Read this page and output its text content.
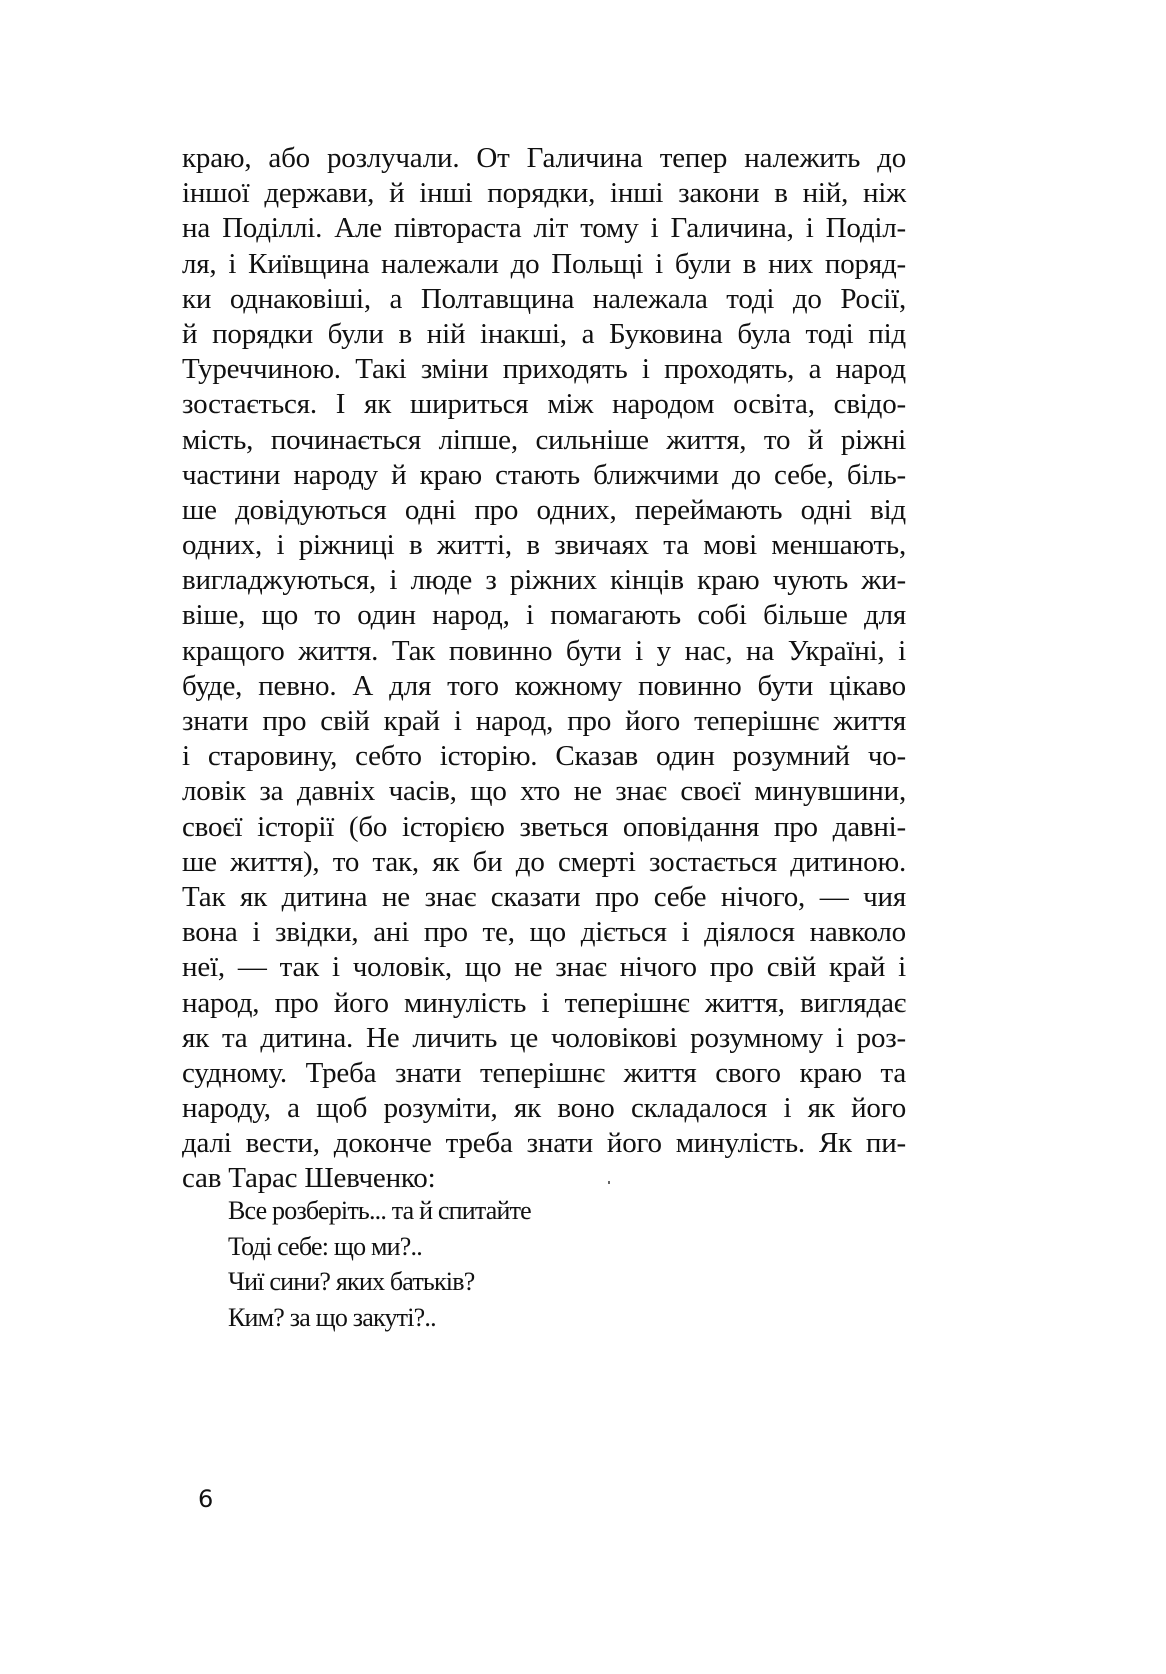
краю, або розлучали. От Галичина тепер належить до
іншої держави, й інші порядки, інші закони в ній, ніж
на Поділлі. Але півтораста літ тому і Галичина, і Поділ-
ля, і Київщина належали до Польщі і були в них поряд-
ки однаковіші, а Полтавщина належала тоді до Росії,
й порядки були в ній інакші, а Буковина була тоді під
Туреччиною. Такі зміни приходять і проходять, а народ
зостається. І як шириться між народом освіта, свідо-
мість, починається ліпше, сильніше життя, то й ріжні
частини народу й краю стають ближчими до себе, біль-
ше довідуються одні про одних, переймають одні від
одних, і ріжниці в житті, в звичаях та мові меншають,
вигладжуються, і люде з ріжних кінців краю чують жи-
віше, що то один народ, і помагають собі більше для
кращого життя. Так повинно бути і у нас, на Україні, і
буде, певно. А для того кожному повинно бути цікаво
знати про свій край і народ, про його теперішнє життя
і старовину, себто історію. Сказав один розумний чо-
ловік за давніх часів, що хто не знає своєї минувшини,
своєї історії (бо історією зветься оповідання про давні-
ше життя), то так, як би до смерті зостається дитиною.
Так як дитина не знає сказати про себе нічого, — чия
вона і звідки, ані про те, що діється і діялося навколо
неї, — так і чоловік, що не знає нічого про свій край і
народ, про його минулість і теперішнє життя, виглядає
як та дитина. Не личить це чоловікові розумному і роз-
судному. Треба знати теперішнє життя свого краю та
народу, а щоб розуміти, як воно складалося і як його
далі вести, доконче треба знати його минулість. Як пи-
сав Тарас Шевченко:
Все розберіть... та й спитайте
Тоді себе: що ми?..
Чиї сини? яких батьків?
Ким? за що закуті?..
6
